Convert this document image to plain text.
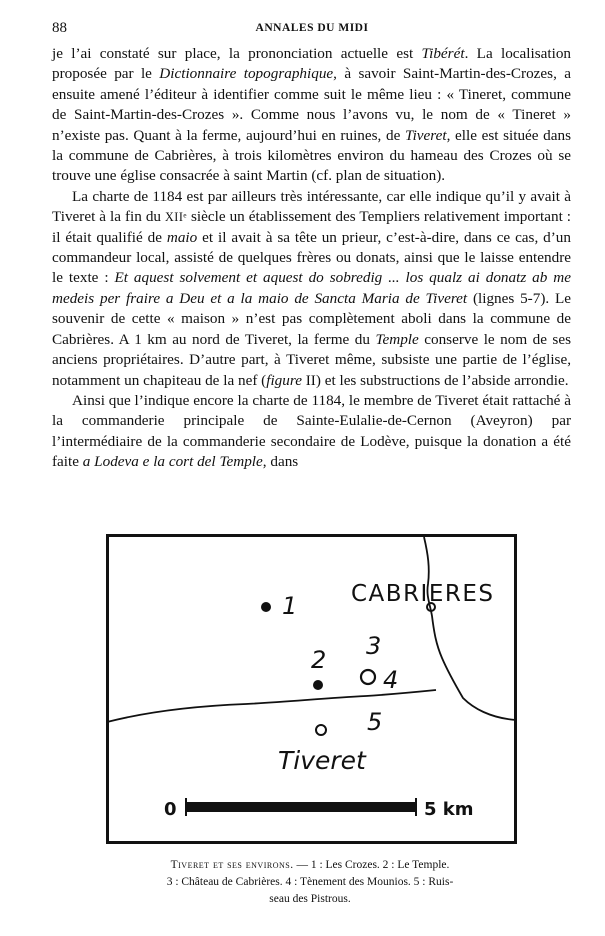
88	ANNALES DU MIDI

je l’ai constaté sur place, la prononciation actuelle est Tibérét. La localisation proposée par le Dictionnaire topographique, à savoir Saint-Martin-des-Crozes, a ensuite amené l’éditeur à identifier comme suit le même lieu : « Tineret, commune de Saint-Martin-des-Crozes ». Comme nous l’avons vu, le nom de « Tineret » n’existe pas. Quant à la ferme, aujourd’hui en ruines, de Tiveret, elle est située dans la commune de Cabrières, à trois kilomètres environ du hameau des Crozes où se trouve une église consacrée à saint Martin (cf. plan de situation).

La charte de 1184 est par ailleurs très intéressante, car elle indique qu’il y avait à Tiveret à la fin du XIIᵉ siècle un établissement des Templiers relativement important : il était qualifié de maio et il avait à sa tête un prieur, c’est-à-dire, dans ce cas, d’un commandeur local, assisté de quelques frères ou donats, ainsi que le laisse entendre le texte : Et aquest solvement et aquest do sobredig ... los qualz ai donatz ab me medeis per fraire a Deu et a la maio de Sancta Maria de Tiveret (lignes 5-7). Le souvenir de cette « maison » n’est pas complètement aboli dans la commune de Cabrières. A 1 km au nord de Tiveret, la ferme du Temple conserve le nom de ses anciens propriétaires. D’autre part, à Tiveret même, subsiste une partie de l’église, notamment un chapiteau de la nef (figure II) et les substructions de l’abside arrondie.

Ainsi que l’indique encore la charte de 1184, le membre de Tiveret était rattaché à la commanderie principale de Sainte-Eulalie-de-Cernon (Aveyron) par l’intermédiaire de la commanderie secondaire de Lodève, puisque la donation a été faite a Lodeva e la cort del Temple, dans

CABRIERES
1
2 3
4
5
Tiveret
0	5 km
Tiveret et ses environs. — 1 : Les Crozes. 2 : Le Temple.
3 : Château de Cabrières. 4 : Tènement des Mounios. 5 : Ruis-
seau des Pistrous.
